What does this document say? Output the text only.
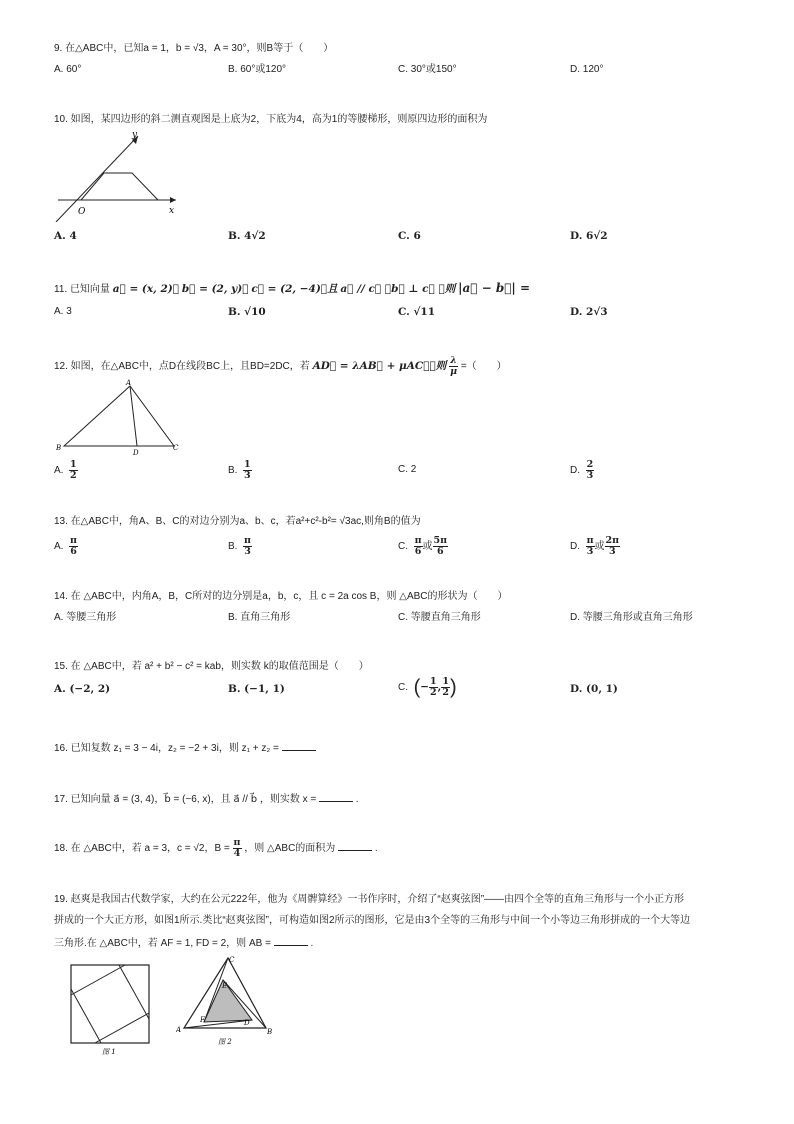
9. 在△ABC中，已知a = 1，b = √3，A = 30°，则B等于（　　）
A. 60°	B. 60°或120°	C. 30°或150°	D. 120°
10. 如图，某四边形的斜二测直观图是上底为2，下底为4，高为1的等腰梯形，则原四边形的面积为
y
O	x
A. 4	B. 4√2	C. 6	D. 6√2
11. 已知向量 a⃗ = (x, 2)， b⃗ = (2, y)， c⃗ = (2, −4)，且 a⃗ // c⃗ ，b⃗ ⊥ c⃗ ，则 |a⃗ − b⃗| =
A. 3	B. √10	C. √11	D. 2√3
12. 如图，在△ABC中，点D在线段BC上，且BD=2DC，若 AD⃗ = λAB⃗ + μAC⃗，则 $\frac{\lambda}{\mu}$ =（　　）
A
B	C
D
A. $\frac{1}{2}$	B. $\frac{1}{3}$	C. 2	D. $\frac{2}{3}$
13. 在△ABC中，角A、B、C的对边分别为a、b、c，若a²+c²-b²= √3ac,则角B的值为
A. $\frac{\pi}{6}$	B. $\frac{\pi}{3}$	C. $\frac{\pi}{6}$ 或 $\frac{5\pi}{6}$	D. $\frac{\pi}{3}$ 或 $\frac{2\pi}{3}$
14. 在 △ABC中，内角A，B，C所对的边分别是a，b，c，且 c = 2a cos B，则 △ABC的形状为（　　）
A. 等腰三角形	B. 直角三角形	C. 等腰直角三角形	D. 等腰三角形或直角三角形
15. 在 △ABC中，若 a² + b² − c² = kab，则实数 k的取值范围是（　　）
A. (−2, 2)	B. (−1, 1)	C. (− $\frac{1}{2}$ , $\frac{1}{2}$ )	D. (0, 1)
16. 已知复数 z₁ = 3 − 4i，z₂ = −2 + 3i，则 z₁ + z₂ =
17. 已知向量 a⃗ = (3, 4)，b⃗ = (−6, x)，且 a⃗ // b⃗ ，则实数 x =	.
18. 在 △ABC中，若 a = 3，c = √2，$B = \frac{\pi}{4}$ ，则 △ABC的面积为	.
19. 赵爽是我国古代数学家，大约在公元222年，他为《周髀算经》一书作序时，介绍了“赵爽弦图”——由四个全等的直角三角形与一个小正方形
拼成的一个大正方形，如图1所示.类比“赵爽弦图”，可构造如图2所示的图形，它是由3个全等的三角形与中间一个小等边三角形拼成的一个大等边
三角形.在 △ABC中，若 AF = 1, FD = 2，则 AB =	.
图 1
C
A	B
E
F	D
图 2
